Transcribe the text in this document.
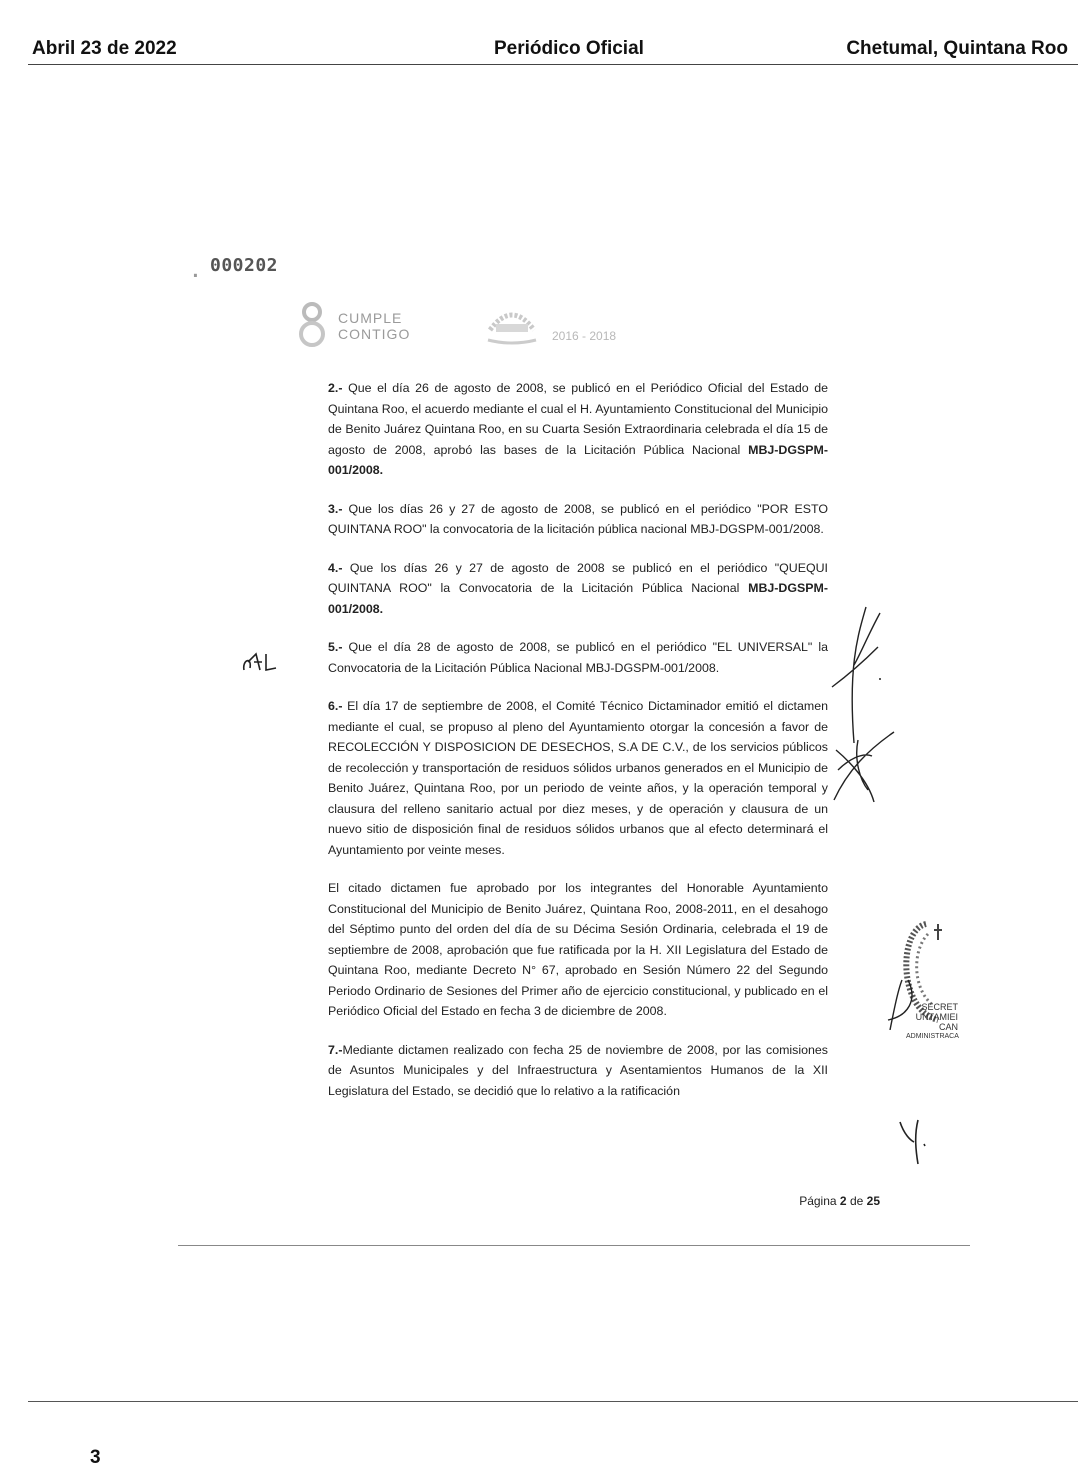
Abril 23 de 2022	Periódico Oficial	Chetumal, Quintana Roo
. 000202
CUMPLE
CONTIGO	2016 - 2018

2.- Que el día 26 de agosto de 2008, se publicó en el Periódico Oficial del Estado de Quintana Roo, el acuerdo mediante el cual el H. Ayuntamiento Constitucional del Municipio de Benito Juárez Quintana Roo, en su Cuarta Sesión Extraordinaria celebrada el día 15 de agosto de 2008, aprobó las bases de la Licitación Pública Nacional MBJ-DGSPM-001/2008.

3.- Que los días 26 y 27 de agosto de 2008, se publicó en el periódico "POR ESTO QUINTANA ROO" la convocatoria de la licitación pública nacional MBJ-DGSPM-001/2008.

4.- Que los días 26 y 27 de agosto de 2008 se publicó en el periódico "QUEQUI QUINTANA ROO" la Convocatoria de la Licitación Pública Nacional MBJ-DGSPM-001/2008.

5.- Que el día 28 de agosto de 2008, se publicó en el periódico "EL UNIVERSAL" la Convocatoria de la Licitación Pública Nacional MBJ-DGSPM-001/2008.

6.- El día 17 de septiembre de 2008, el Comité Técnico Dictaminador emitió el dictamen mediante el cual, se propuso al pleno del Ayuntamiento otorgar la concesión a favor de RECOLECCIÓN Y DISPOSICION DE DESECHOS, S.A DE C.V., de los servicios públicos de recolección y transportación de residuos sólidos urbanos generados en el Municipio de Benito Juárez, Quintana Roo, por un periodo de veinte años, y la operación temporal y clausura del relleno sanitario actual por diez meses, y de operación y clausura de un nuevo sitio de disposición final de residuos sólidos urbanos que al efecto determinará el Ayuntamiento por veinte meses.

El citado dictamen fue aprobado por los integrantes del Honorable Ayuntamiento Constitucional del Municipio de Benito Juárez, Quintana Roo, 2008-2011, en el desahogo del Séptimo punto del orden del día de su Décima Sesión Ordinaria, celebrada el 19 de septiembre de 2008, aprobación que fue ratificada por la H. XII Legislatura del Estado de Quintana Roo, mediante Decreto N° 67, aprobado en Sesión Número 22 del Segundo Periodo Ordinario de Sesiones del Primer año de ejercicio constitucional, y publicado en el Periódico Oficial del Estado en fecha 3 de diciembre de 2008.

7.-Mediante dictamen realizado con fecha 25 de noviembre de 2008, por las comisiones de Asuntos Municipales y del Infraestructura y Asentamientos Humanos de la XII Legislatura del Estado, se decidió que lo relativo a la ratificación

Página 2 de 25
SECRET
UNTAMIEI
CAN
ADMINISTRACA
3
